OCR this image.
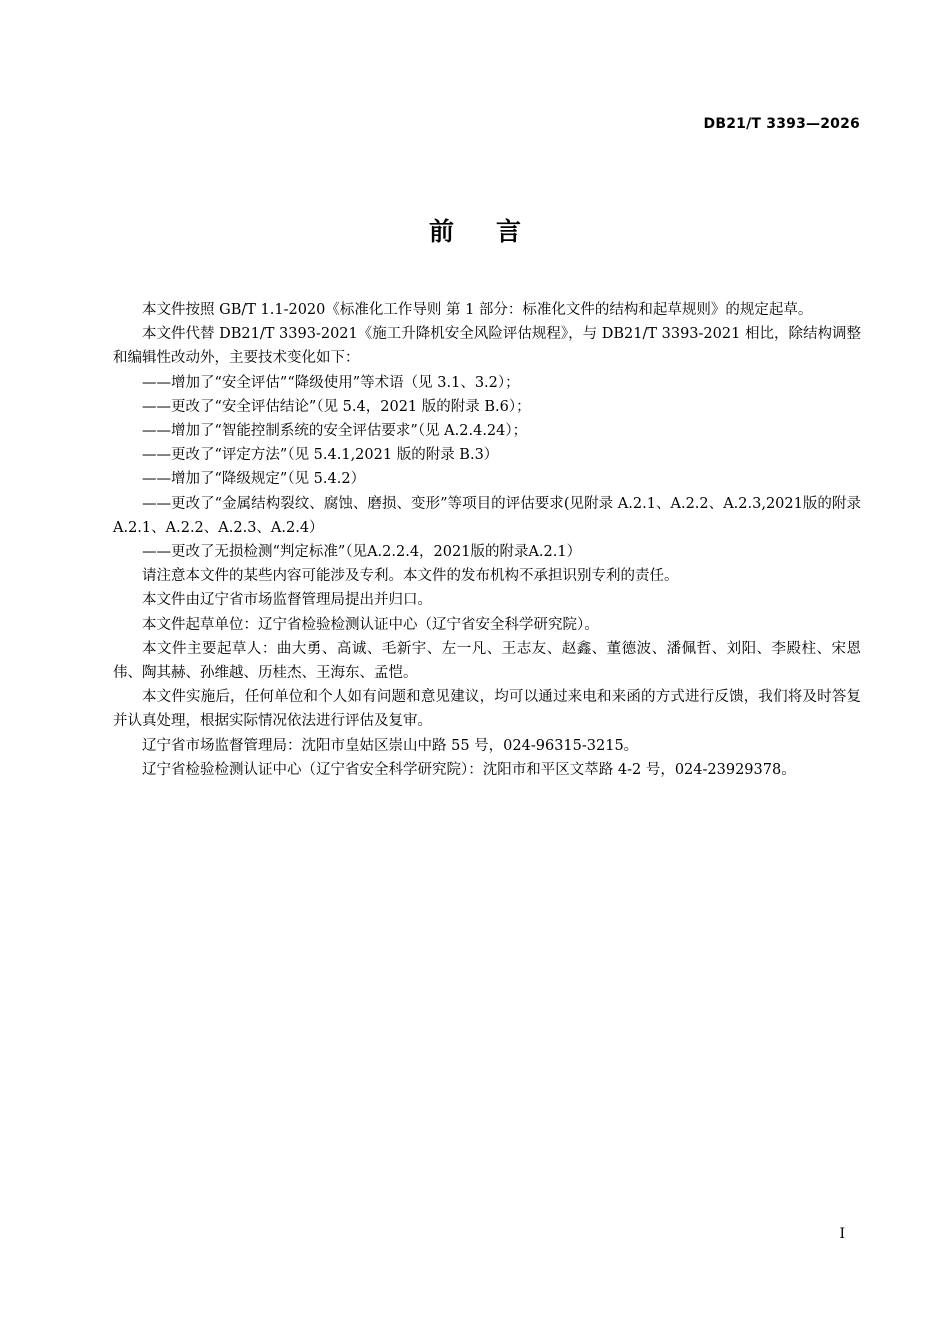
DB21/T 3393—2026
前 言

本文件按照 GB/T 1.1-2020《标准化工作导则 第 1 部分：标准化文件的结构和起草规则》的规定起草。

本文件代替 DB21/T 3393-2021《施工升降机安全风险评估规程》，与 DB21/T 3393-2021 相比，除结构调整和编辑性改动外，主要技术变化如下：

——增加了“安全评估”“降级使用”等术语（见 3.1、3.2）；

——更改了“安全评估结论”（见 5.4，2021 版的附录 B.6）；

——增加了“智能控制系统的安全评估要求”（见 A.2.4.24）；

——更改了“评定方法”（见 5.4.1,2021 版的附录 B.3）

——增加了“降级规定”（见 5.4.2）

——更改了“金属结构裂纹、腐蚀、磨损、变形”等项目的评估要求(见附录 A.2.1、A.2.2、A.2.3,2021版的附录 A.2.1、A.2.2、A.2.3、A.2.4）

——更改了无损检测“判定标准”（见A.2.2.4，2021版的附录A.2.1）

请注意本文件的某些内容可能涉及专利。本文件的发布机构不承担识别专利的责任。

本文件由辽宁省市场监督管理局提出并归口。

本文件起草单位：辽宁省检验检测认证中心（辽宁省安全科学研究院）。

本文件主要起草人：曲大勇、高诚、毛新宇、左一凡、王志友、赵鑫、董德波、潘佩哲、刘阳、李殿柱、宋恩伟、陶其赫、孙维越、历桂杰、王海东、孟恺。

本文件实施后，任何单位和个人如有问题和意见建议，均可以通过来电和来函的方式进行反馈，我们将及时答复并认真处理，根据实际情况依法进行评估及复审。

辽宁省市场监督管理局：沈阳市皇姑区崇山中路 55 号，024-96315-3215。

辽宁省检验检测认证中心（辽宁省安全科学研究院）：沈阳市和平区文萃路 4-2 号，024-23929378。

I
